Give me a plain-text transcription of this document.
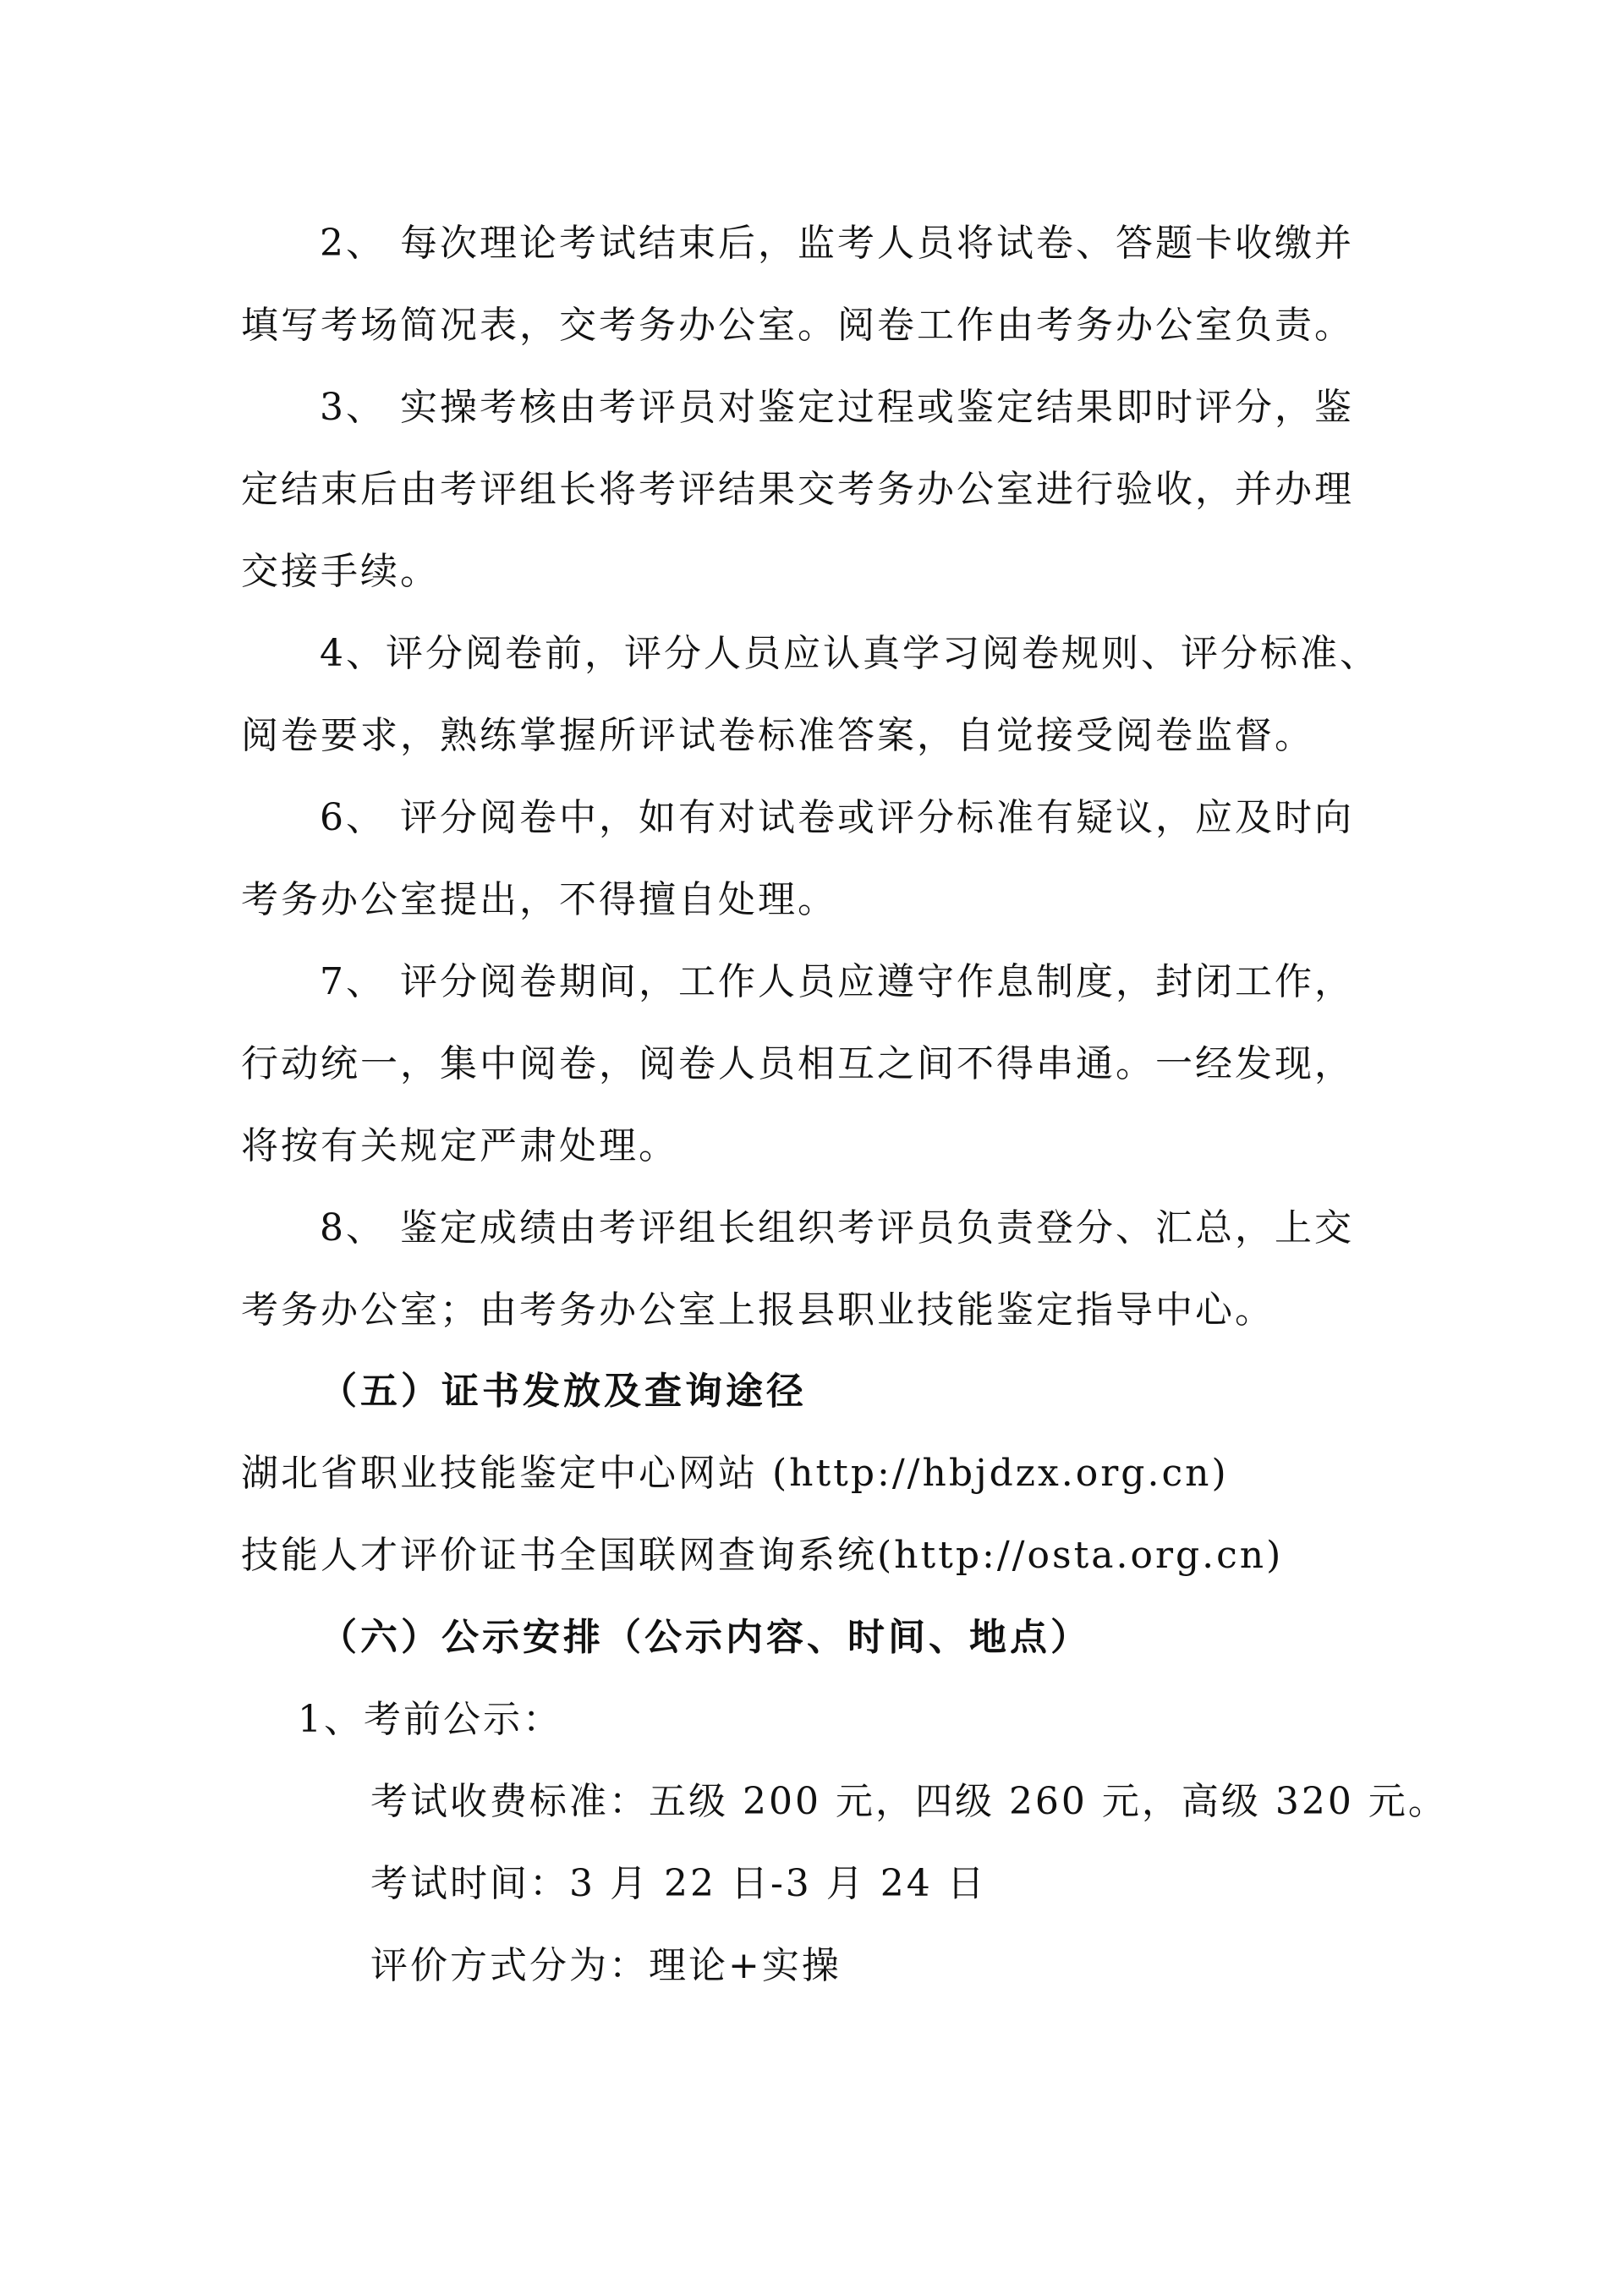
2、 每次理论考试结束后，监考人员将试卷、答题卡收缴并
填写考场简况表，交考务办公室。阅卷工作由考务办公室负责。
3、 实操考核由考评员对鉴定过程或鉴定结果即时评分，鉴
定结束后由考评组长将考评结果交考务办公室进行验收，并办理
交接手续。
4、评分阅卷前，评分人员应认真学习阅卷规则、评分标准、
阅卷要求，熟练掌握所评试卷标准答案，自觉接受阅卷监督。
6、 评分阅卷中，如有对试卷或评分标准有疑议，应及时向
考务办公室提出，不得擅自处理。
7、 评分阅卷期间，工作人员应遵守作息制度，封闭工作，
行动统一，集中阅卷，阅卷人员相互之间不得串通。一经发现，
将按有关规定严肃处理。
8、 鉴定成绩由考评组长组织考评员负责登分、汇总，上交
考务办公室；由考务办公室上报县职业技能鉴定指导中心。
（五）证书发放及查询途径
湖北省职业技能鉴定中心网站 (http://hbjdzx.org.cn)
技能人才评价证书全国联网查询系统(http://osta.org.cn)
（六）公示安排（公示内容、时间、地点）
1、考前公示：
考试收费标准：五级 200 元，四级 260 元，高级 320 元。
考试时间：3 月 22 日-3 月 24 日
评价方式分为：理论+实操
